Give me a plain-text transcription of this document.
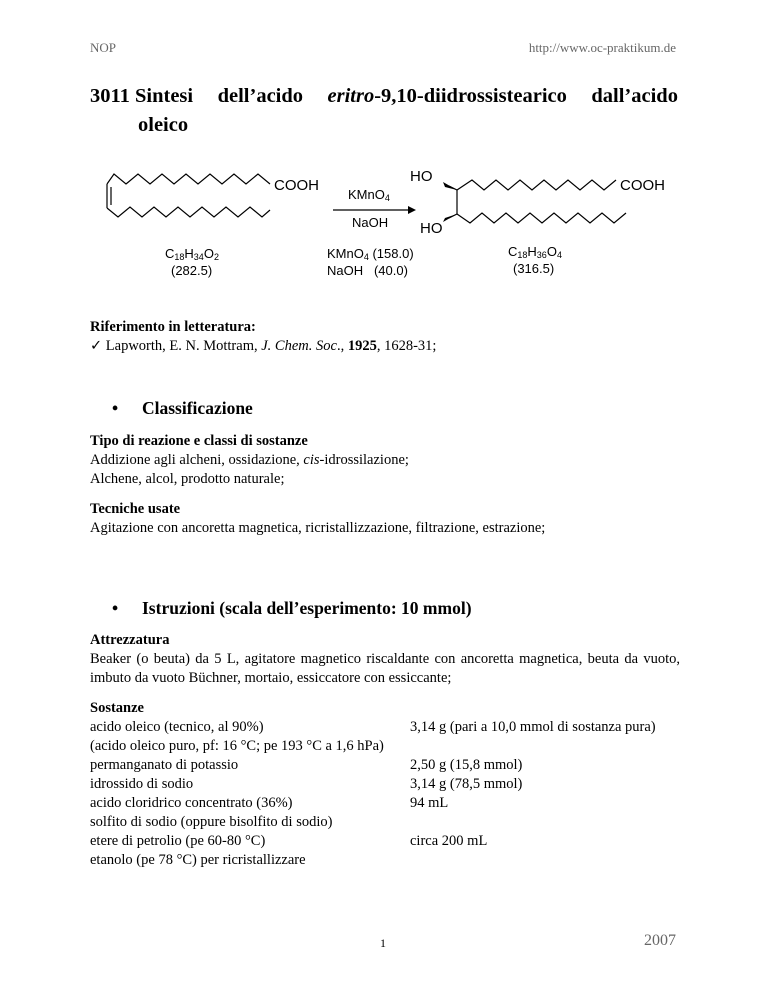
NOP	http://www.oc-praktikum.de
3011 Sintesi dell’acido eritro-9,10-diidrossistearico dall’acido
oleico
COOH
KMnO$_4$
NaOH
HO
HO
COOH
$C_{18}H_{34}O_2$
(282.5)
KMnO$_4$ (158.0)
NaOH (40.0)
$C_{18}H_{36}O_4$
(316.5)
Riferimento in letteratura:
✓ Lapworth, E. N. Mottram, J. Chem. Soc., 1925, 1628-31;
• Classificazione
Tipo di reazione e classi di sostanze
Addizione agli alcheni, ossidazione, cis-idrossilazione;
Alchene, alcol, prodotto naturale;
Tecniche usate
Agitazione con ancoretta magnetica, ricristallizzazione, filtrazione, estrazione;
• Istruzioni (scala dell’esperimento: 10 mmol)
Attrezzatura
Beaker (o beuta) da 5 L, agitatore magnetico riscaldante con ancoretta magnetica, beuta da vuoto, imbuto da vuoto Büchner, mortaio, essiccatore con essiccante;
Sostanze
acido oleico (tecnico, al 90%)	3,14 g (pari a 10,0 mmol di sostanza pura)
(acido oleico puro, pf: 16 °C; pe 193 °C a 1,6 hPa)
permanganato di potassio	2,50 g (15,8 mmol)
idrossido di sodio	3,14 g (78,5 mmol)
acido cloridrico concentrato (36%)	94 mL
solfito di sodio (oppure bisolfito di sodio)
etere di petrolio (pe 60-80 °C)	circa 200 mL
etanolo (pe 78 °C) per ricristallizzare
1	2007
